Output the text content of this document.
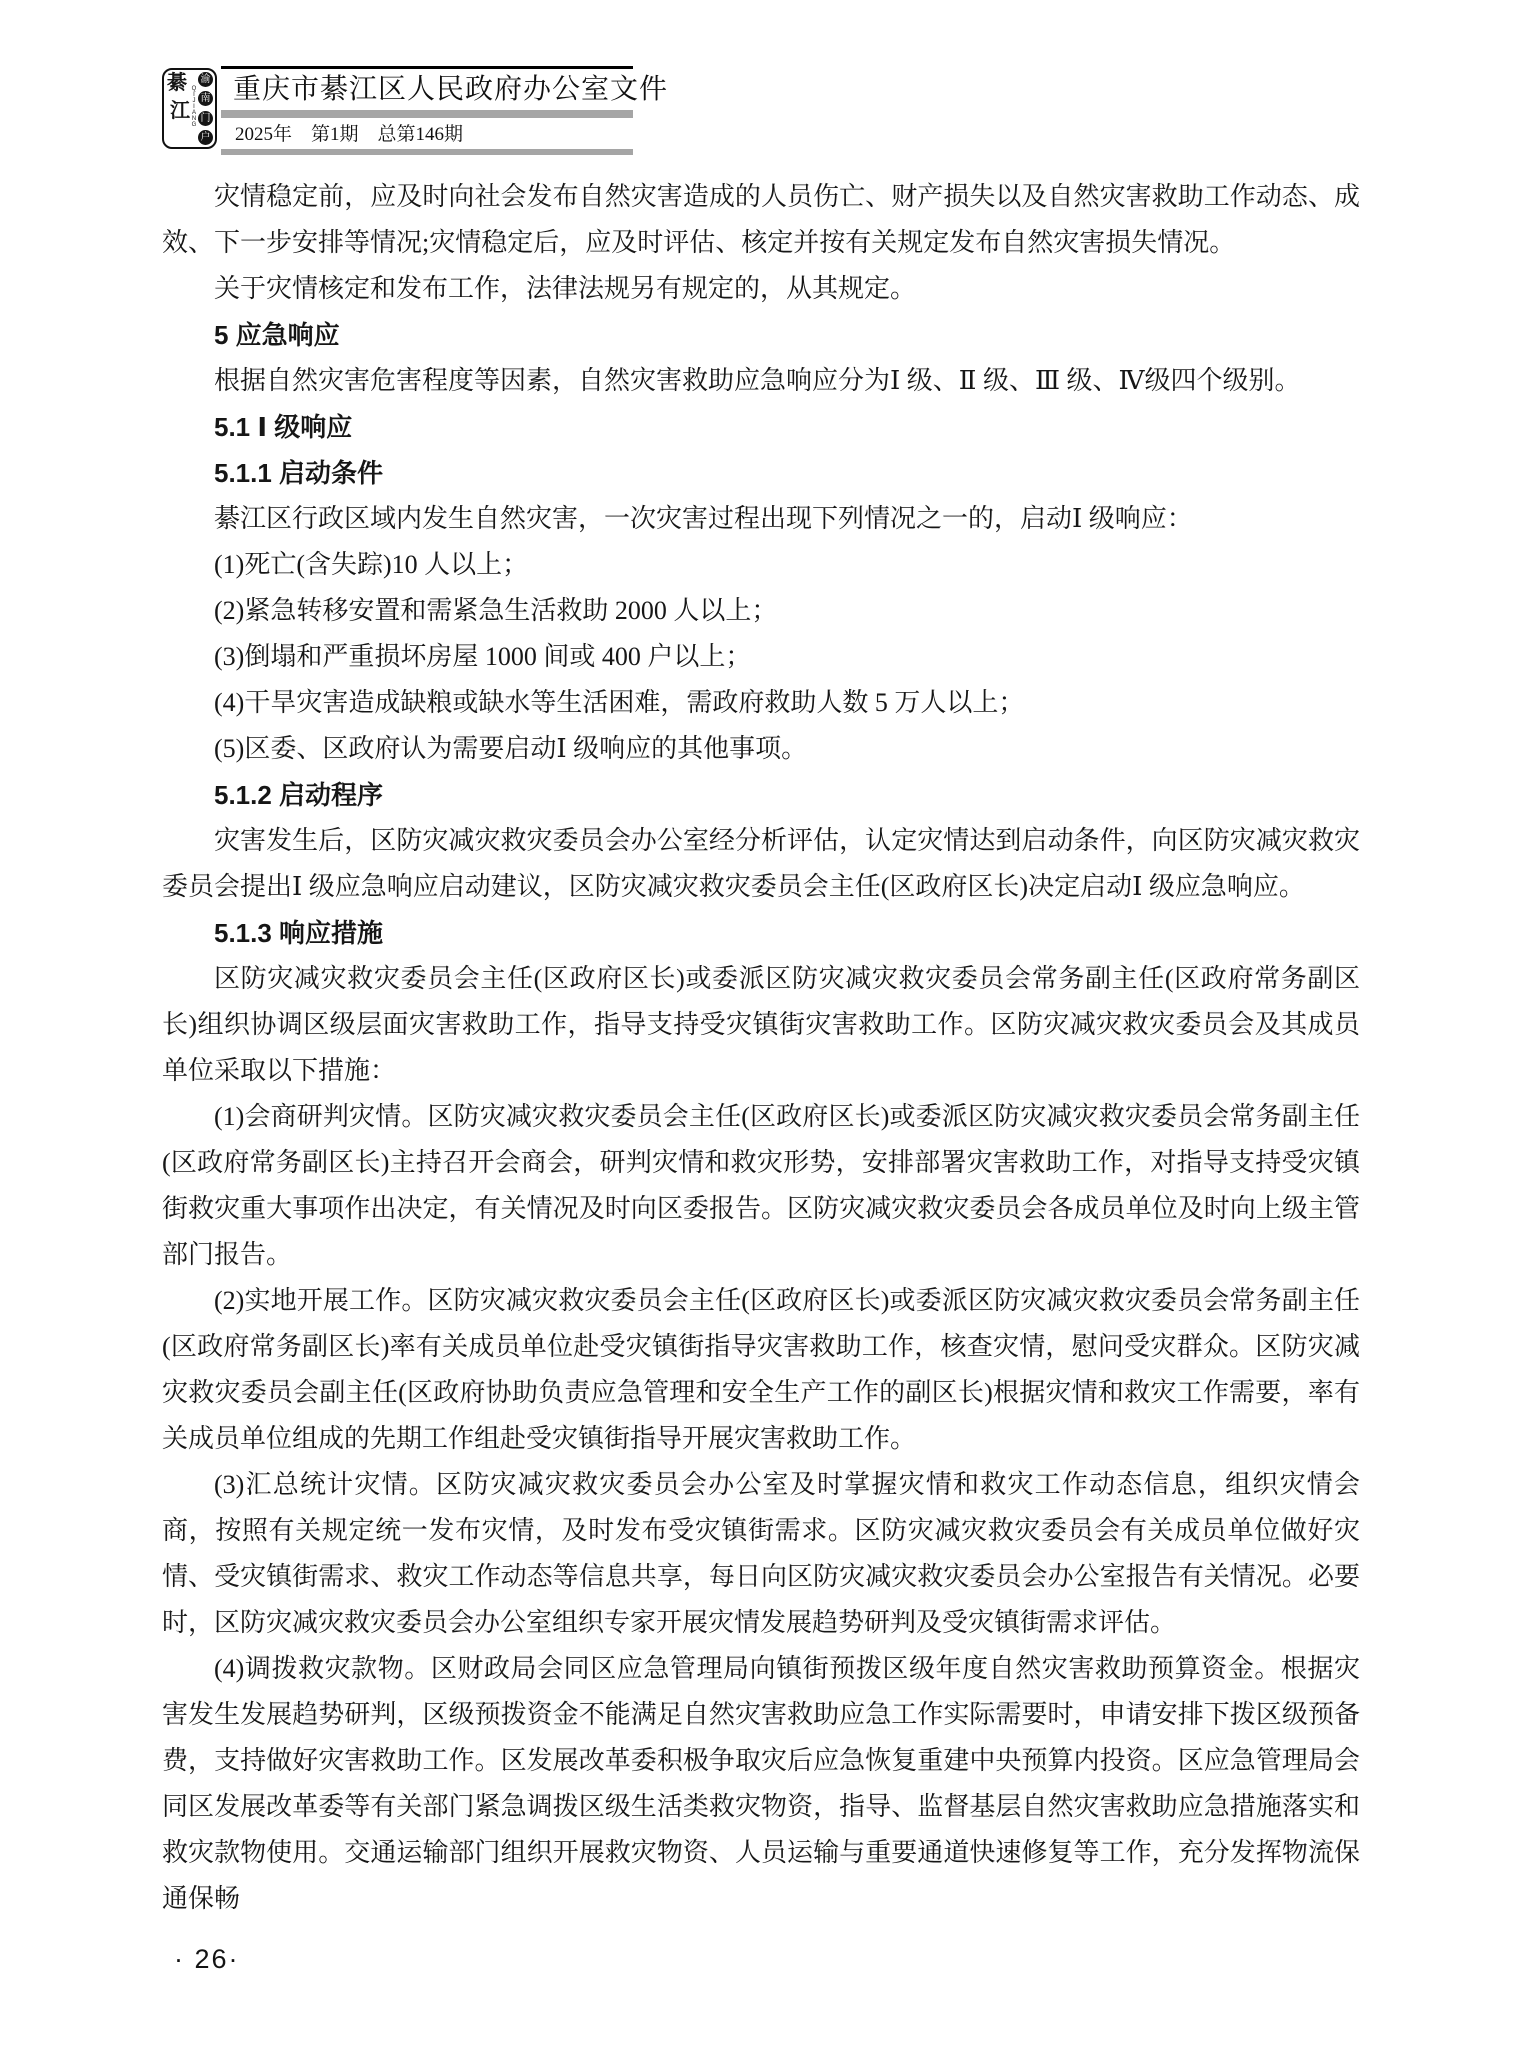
綦
江 QIJIANG
渝
南
门
户
重庆市綦江区人民政府办公室文件
2025年　第1期　总第146期

灾情稳定前，应及时向社会发布自然灾害造成的人员伤亡、财产损失以及自然灾害救助工作动态、成效、下一步安排等情况;灾情稳定后，应及时评估、核定并按有关规定发布自然灾害损失情况。

关于灾情核定和发布工作，法律法规另有规定的，从其规定。

5 应急响应

根据自然灾害危害程度等因素，自然灾害救助应急响应分为Ⅰ 级、Ⅱ 级、Ⅲ 级、Ⅳ级四个级别。

5.1 Ⅰ 级响应

5.1.1 启动条件

綦江区行政区域内发生自然灾害，一次灾害过程出现下列情况之一的，启动Ⅰ 级响应：

(1)死亡(含失踪)10 人以上；

(2)紧急转移安置和需紧急生活救助 2000 人以上；

(3)倒塌和严重损坏房屋 1000 间或 400 户以上；

(4)干旱灾害造成缺粮或缺水等生活困难，需政府救助人数 5 万人以上；

(5)区委、区政府认为需要启动Ⅰ 级响应的其他事项。

5.1.2 启动程序

灾害发生后，区防灾减灾救灾委员会办公室经分析评估，认定灾情达到启动条件，向区防灾减灾救灾委员会提出Ⅰ 级应急响应启动建议，区防灾减灾救灾委员会主任(区政府区长)决定启动Ⅰ 级应急响应。

5.1.3 响应措施

区防灾减灾救灾委员会主任(区政府区长)或委派区防灾减灾救灾委员会常务副主任(区政府常务副区长)组织协调区级层面灾害救助工作，指导支持受灾镇街灾害救助工作。区防灾减灾救灾委员会及其成员单位采取以下措施：

(1)会商研判灾情。区防灾减灾救灾委员会主任(区政府区长)或委派区防灾减灾救灾委员会常务副主任(区政府常务副区长)主持召开会商会，研判灾情和救灾形势，安排部署灾害救助工作，对指导支持受灾镇街救灾重大事项作出决定，有关情况及时向区委报告。区防灾减灾救灾委员会各成员单位及时向上级主管部门报告。

(2)实地开展工作。区防灾减灾救灾委员会主任(区政府区长)或委派区防灾减灾救灾委员会常务副主任(区政府常务副区长)率有关成员单位赴受灾镇街指导灾害救助工作，核查灾情，慰问受灾群众。区防灾减灾救灾委员会副主任(区政府协助负责应急管理和安全生产工作的副区长)根据灾情和救灾工作需要，率有关成员单位组成的先期工作组赴受灾镇街指导开展灾害救助工作。

(3)汇总统计灾情。区防灾减灾救灾委员会办公室及时掌握灾情和救灾工作动态信息，组织灾情会商，按照有关规定统一发布灾情，及时发布受灾镇街需求。区防灾减灾救灾委员会有关成员单位做好灾情、受灾镇街需求、救灾工作动态等信息共享，每日向区防灾减灾救灾委员会办公室报告有关情况。必要时，区防灾减灾救灾委员会办公室组织专家开展灾情发展趋势研判及受灾镇街需求评估。

(4)调拨救灾款物。区财政局会同区应急管理局向镇街预拨区级年度自然灾害救助预算资金。根据灾害发生发展趋势研判，区级预拨资金不能满足自然灾害救助应急工作实际需要时，申请安排下拨区级预备费，支持做好灾害救助工作。区发展改革委积极争取灾后应急恢复重建中央预算内投资。区应急管理局会同区发展改革委等有关部门紧急调拨区级生活类救灾物资，指导、监督基层自然灾害救助应急措施落实和救灾款物使用。交通运输部门组织开展救灾物资、人员运输与重要通道快速修复等工作，充分发挥物流保通保畅

· 26·
